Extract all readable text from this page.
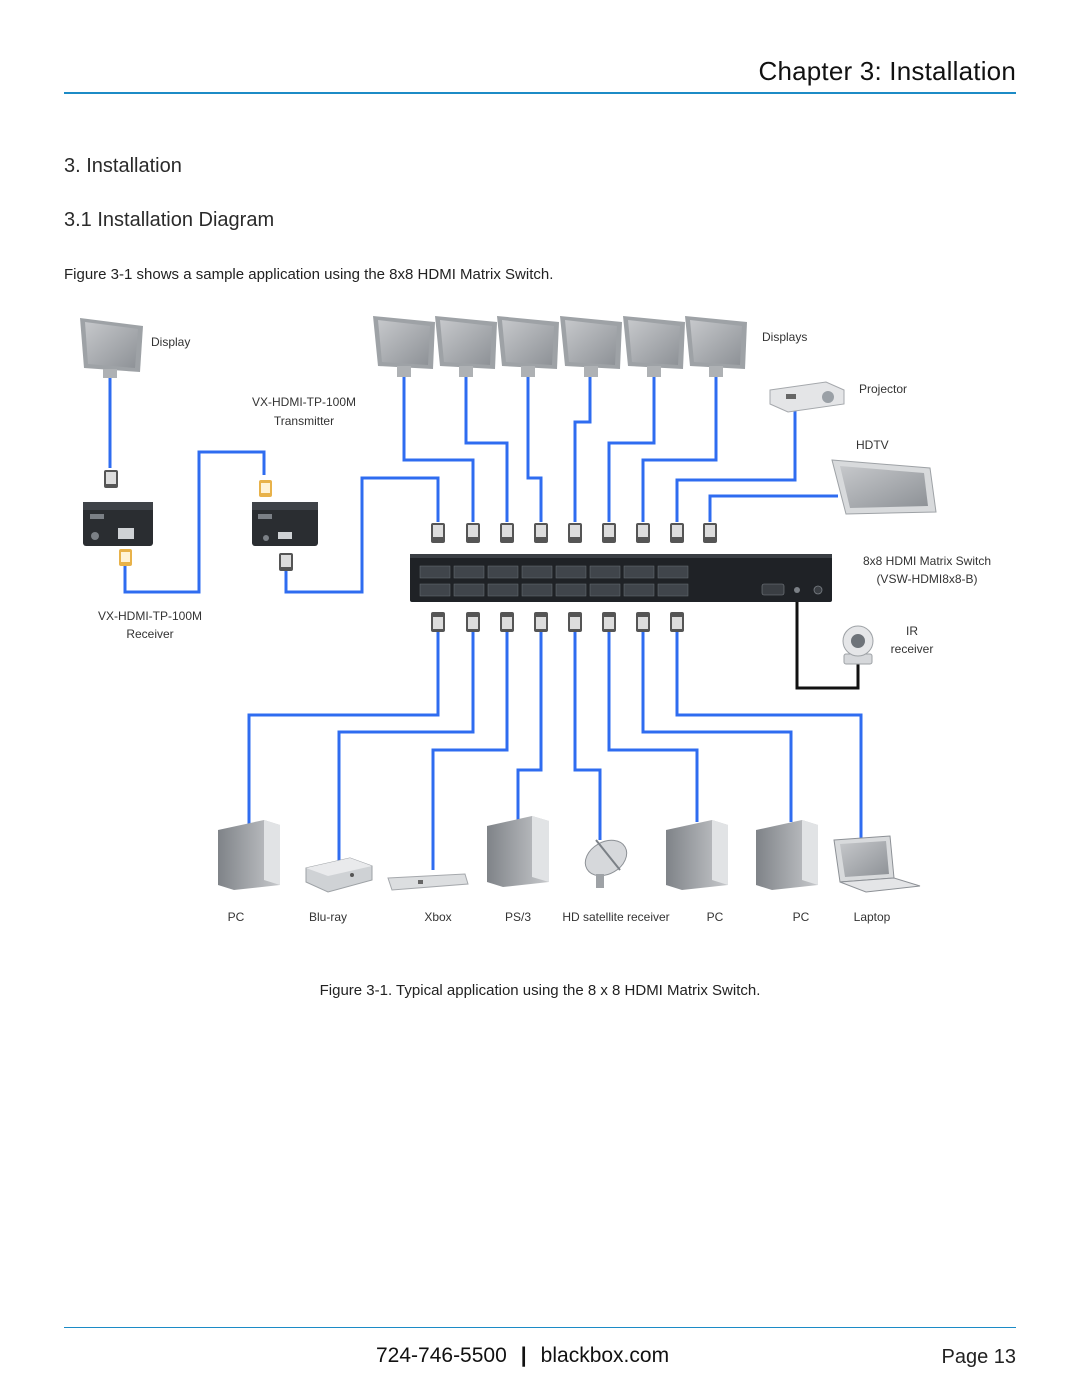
Chapter 3: Installation
3. Installation
3.1 Installation Diagram
Figure 3-1 shows a sample application using the 8x8 HDMI Matrix Switch.
Display	Displays
Projector
HDTV
VX-HDMI-TP-100M
Transmitter
VX-HDMI-TP-100M
Receiver
8x8 HDMI Matrix Switch
(VSW-HDMI8x8-B)
IR
receiver
PC	Blu-ray	Xbox	PS/3	HD satellite receiver	PC	PC	Laptop
Figure 3-1. Typical application using the 8 x 8 HDMI Matrix Switch.
724-746-5500 | blackbox.com	Page 13
